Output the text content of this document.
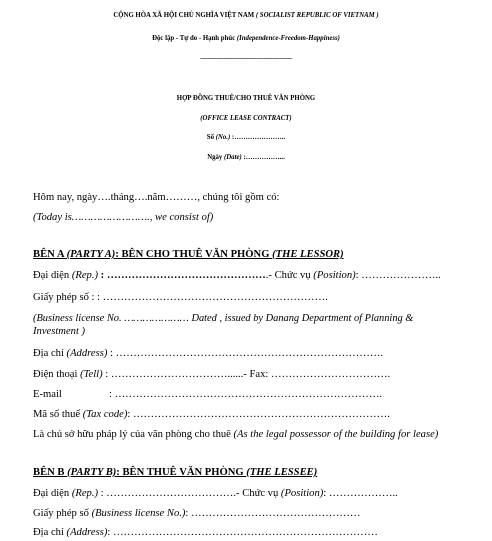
CỘNG HÒA XÃ HỘI CHỦ NGHĨA VIỆT NAM ( SOCIALIST REPUBLIC OF VIETNAM )
Độc lập - Tự do - Hạnh phúc (Independence-Freedom-Happiness)
----------------------------------------------------
HỢP ĐỒNG THUÊ/CHO THUÊ VĂN PHÒNG
(OFFICE LEASE CONTRACT)
Số (No.) :…………………..
Ngày (Date) :……………...
Hôm nay, ngày….tháng….năm………, chúng tôi gồm có:
(Today is……………………., we consist of)
BÊN A (PARTY A): BÊN CHO THUÊ VĂN PHÒNG (THE LESSOR)
Đại diện (Rep.) : ……………………………………….- Chức vụ (Position): …………………..
Giấy phép số : : ……………………………………………………….
(Business license No. ………………… Dated , issued by Danang Department of Planning &
Investment )
Địa chỉ (Address) : ………………………………………………………………….
Điện thoại (Tell) : ……………………………......- Fax: …………………………….
E-mail	: ………………………………………………………………….
Mã số thuế (Tax code): ……………………………………………………………….
Là chủ sở hữu pháp lý của văn phòng cho thuê (As the legal possessor of the building for lease)
BÊN B (PARTY B): BÊN THUÊ VĂN PHÒNG (THE LESSEE)
Đại diện (Rep.) : ……………………………….- Chức vụ (Position): ………………..
Giấy phép số (Business license No.): …………………………………………
Địa chỉ (Address): …………………………………………………………………
